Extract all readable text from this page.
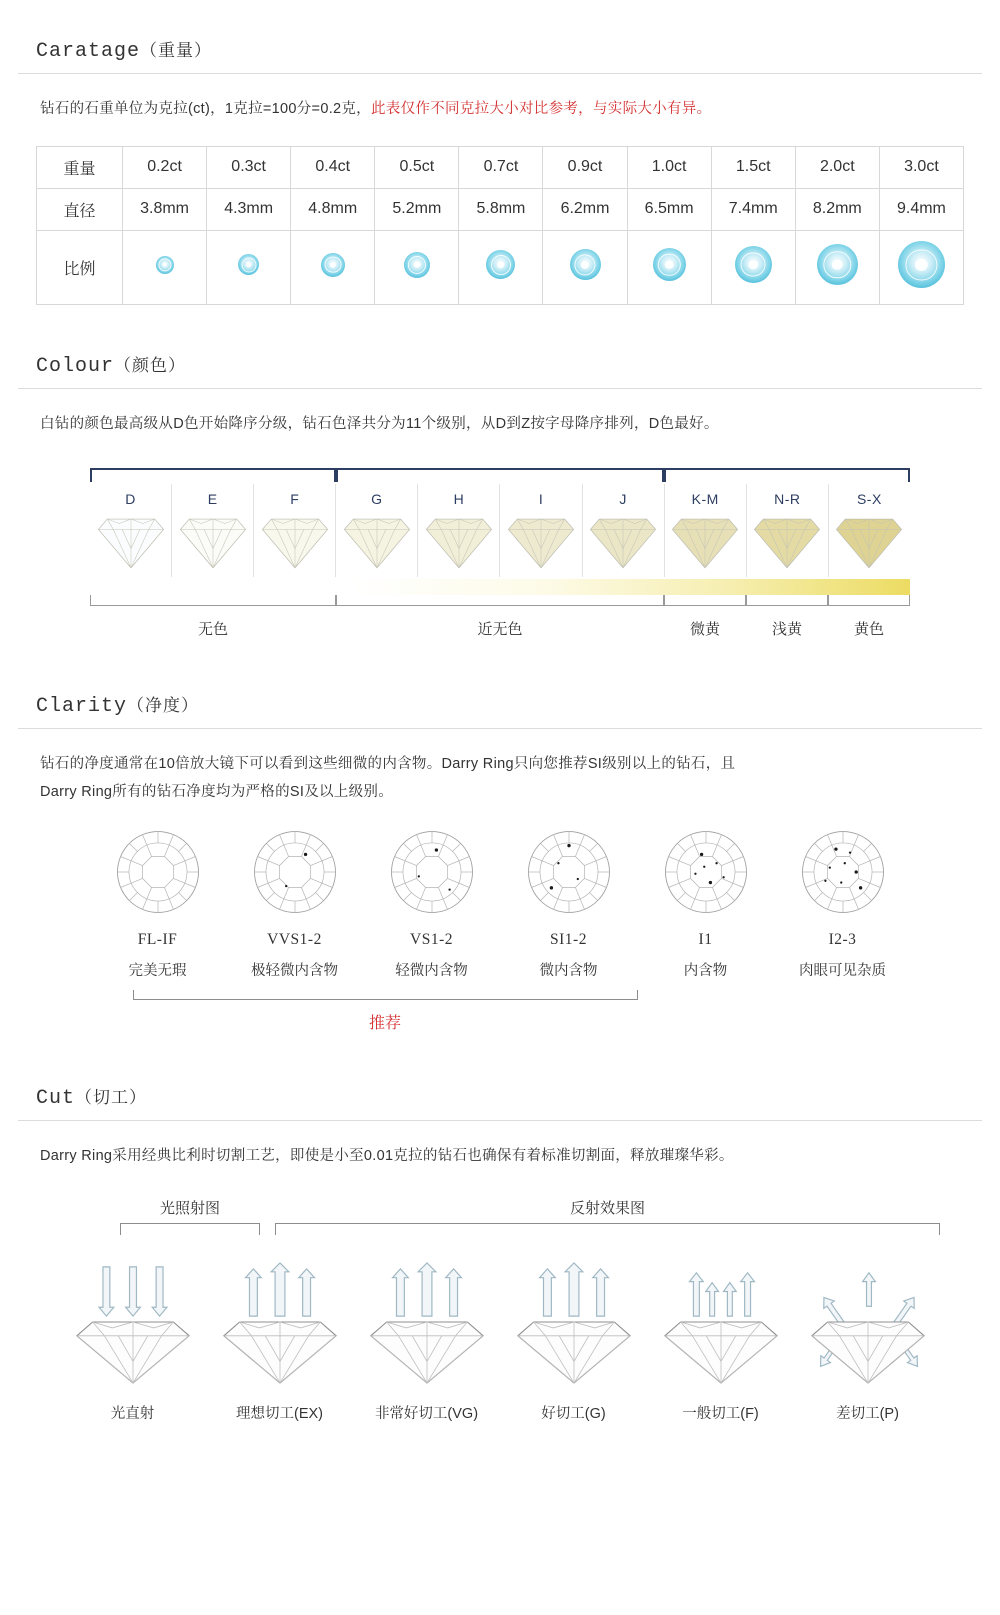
Caratage（重量）
钻石的石重单位为克拉(ct)，1克拉=100分=0.2克，此表仅作不同克拉大小对比参考，与实际大小有异。
重量	0.2ct	0.3ct	0.4ct	0.5ct	0.7ct	0.9ct	1.0ct	1.5ct	2.0ct	3.0ct
直径	3.8mm	4.3mm	4.8mm	5.2mm	5.8mm	6.2mm	6.5mm	7.4mm	8.2mm	9.4mm
比例										
Colour（颜色）
白钻的颜色最高级从D色开始降序分级，钻石色泽共分为11个级别，从D到Z按字母降序排列，D色最好。
D	E	F	G	H	I	J	K-M	N-R	S-X
无色	近无色	微黄	浅黄	黄色
Clarity（净度）
钻石的净度通常在10倍放大镜下可以看到这些细微的内含物。Darry Ring只向您推荐SI级别以上的钻石，且
Darry Ring所有的钻石净度均为严格的SI及以上级别。
FL-IF
完美无瑕
VVS1-2
极轻微内含物
VS1-2
轻微内含物
SI1-2
微内含物
I1
内含物
I2-3
肉眼可见杂质
推荐
Cut（切工）
Darry Ring采用经典比利时切割工艺，即使是小至0.01克拉的钻石也确保有着标准切割面，释放璀璨华彩。
光照射图	反射效果图
光直射	理想切工(EX)	非常好切工(VG)	好切工(G)	一般切工(F)	差切工(P)
